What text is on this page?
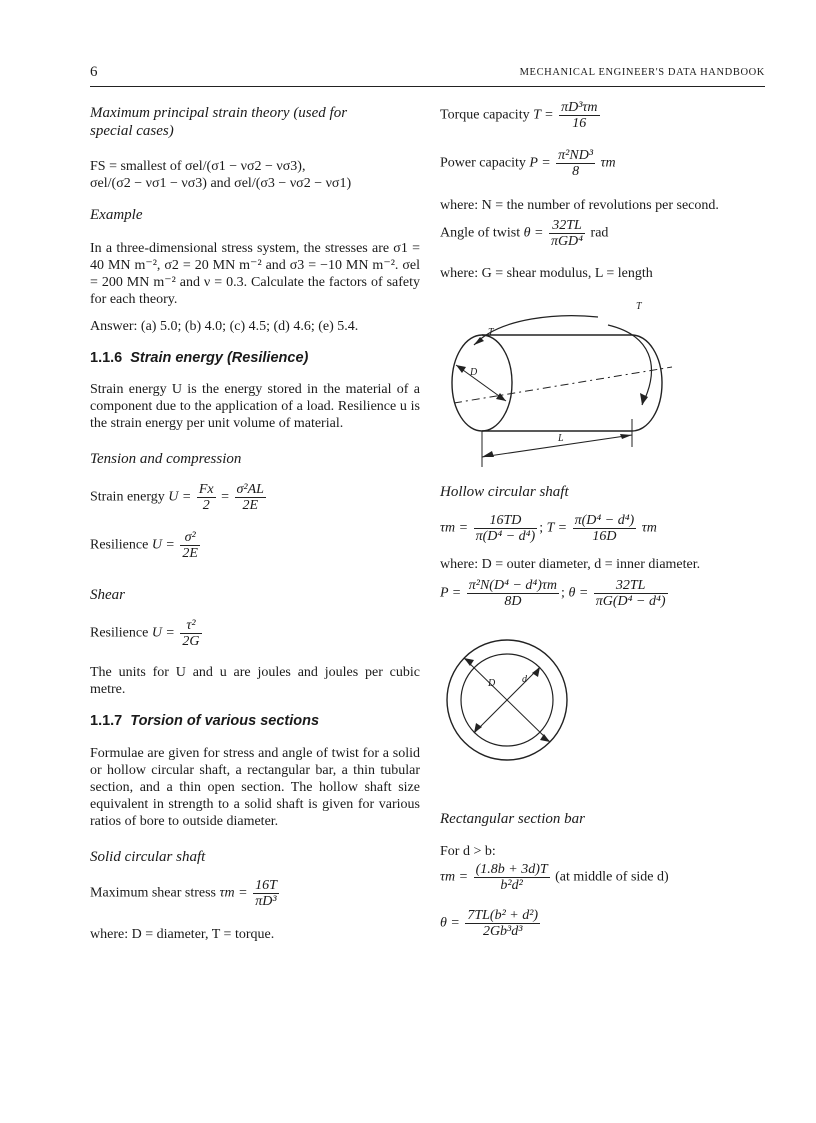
6	MECHANICAL ENGINEER'S DATA HANDBOOK
Maximum principal strain theory (used for special cases)
FS = smallest of σel/(σ1 − νσ2 − νσ3),
σel/(σ2 − νσ1 − νσ3) and σel/(σ3 − νσ2 − νσ1)
Example
In a three-dimensional stress system, the stresses are σ1 = 40 MN m⁻², σ2 = 20 MN m⁻² and σ3 = −10 MN m⁻². σel = 200 MN m⁻² and ν = 0.3. Calculate the factors of safety for each theory.
Answer: (a) 5.0; (b) 4.0; (c) 4.5; (d) 4.6; (e) 5.4.
1.1.6 Strain energy (Resilience)
Strain energy U is the energy stored in the material of a component due to the application of a load. Resilience u is the strain energy per unit volume of material.
Tension and compression
Strain energy $U = \frac{Fx}{2} = \frac{\text{σ²AL}}{2E}$
Resilience $U = \frac{\text{σ²}}{2E}$
Shear
Resilience $U = \frac{\text{τ²}}{2G}$
The units for U and u are joules and joules per cubic metre.
1.1.7 Torsion of various sections
Formulae are given for stress and angle of twist for a solid or hollow circular shaft, a rectangular bar, a thin tubular section, and a thin open section. The hollow shaft size equivalent in strength to a solid shaft is given for various ratios of bore to outside diameter.
Solid circular shaft
Maximum shear stress $\tau m = \frac{16T}{\text{πD³}}$
where: D = diameter, T = torque.
Torque capacity $T = \frac{\text{πD³τm}}{16}$
Power capacity $P = \frac{\text{π²ND³}}{8}$ τm
where: N = the number of revolutions per second.
Angle of twist $\theta = \frac{32TL}{\text{πGD⁴}}$ rad
where: G = shear modulus, L = length
D
T
T
L
Hollow circular shaft
$\tau m = \frac{16TD}{\text{π(D⁴ − d⁴)}}$ ; $T = \frac{\text{π(D⁴ − d⁴)}}{16D}$ τm
where: D = outer diameter, d = inner diameter.
$P = \frac{\text{π²N(D⁴ − d⁴)τm}}{8D}$ ; $\theta = \frac{32TL}{\text{πG(D⁴ − d⁴)}}$
D	d
Rectangular section bar
For d > b:
$\tau m = \frac{(1.8b + 3d)T}{\text{b²d²}} (at$ middle of side d)
$\theta = \frac{\text{7TL(b² + d²)}}{\text{2Gb³d³}}$
